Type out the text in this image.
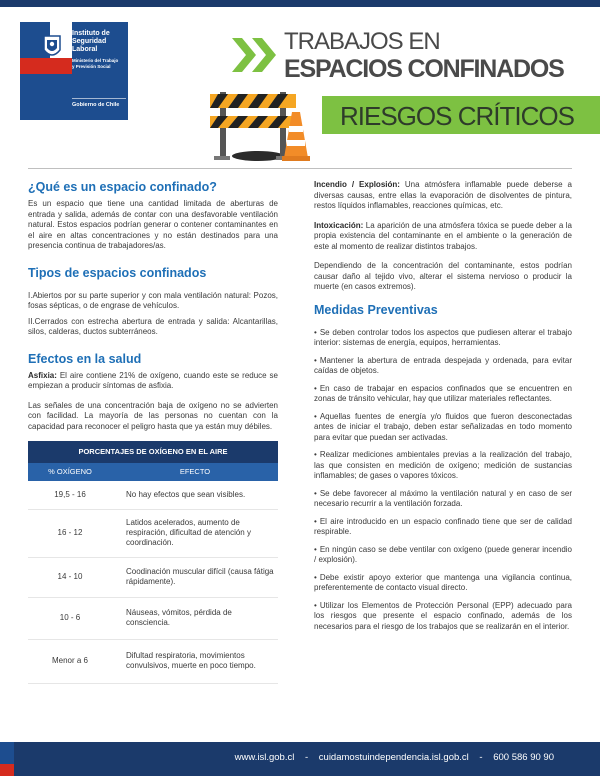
Instituto de
Seguridad
Laboral
Ministerio del Trabajo
y Previsión Social
Gobierno de Chile
TRABAJOS EN
ESPACIOS CONFINADOS
RIESGOS CRÍTICOS
¿Qué es un espacio confinado?

Es un espacio que tiene una cantidad limitada de aberturas de entrada y salida, además de contar con una desfavorable ventilación natural. Estos espacios podrían generar o contener contaminantes en el aire en altas concentraciones y no están destinados para una presencia continua de trabajadores/as.

Tipos de espacios confinados

I.Abiertos por su parte superior y con mala ventilación natural: Pozos, fosas sépticas, o de engrase de vehículos.

II.Cerrados con estrecha abertura de entrada y salida: Alcantarillas, silos, calderas, ductos subterráneos.

Efectos en la salud

Asfixia: El aire contiene 21% de oxígeno, cuando este se reduce se empiezan a producir síntomas de asfixia.

Las señales de una concentración baja de oxígeno no se advierten con facilidad. La mayoría de las personas no cuentan con la capacidad para reconocer el peligro hasta que ya están muy débiles.

PORCENTAJES DE OXÍGENO EN EL AIRE	
% OXÍGENO	EFECTO
19,5 - 16	No hay efectos que sean visibles.
16 - 12	Latidos acelerados, aumento de respiración, dificultad de atención y coordinación.
14 - 10	Coodinación muscular difícil (causa fátiga rápidamente).
10 - 6	Náuseas, vómitos, pérdida de consciencia.
Menor a 6	Difultad respiratoria, movimientos convulsivos, muerte en poco tiempo.

Incendio / Explosión: Una atmósfera inflamable puede deberse a diversas causas, entre ellas la evaporación de disolventes de pintura, restos líquidos inflamables, reacciones químicas, etc.

Intoxicación: La aparición de una atmósfera tóxica se puede deber a la propia existencia del contaminante en el ambiente o la generación de este al momento de realizar distintos trabajos.

Dependiendo de la concentración del contaminante, estos podrían causar daño al tejido vivo, alterar el sistema nervioso o producir la muerte (en casos extremos).

Medidas Preventivas
• Se deben controlar todos los aspectos que pudiesen alterar el trabajo interior: sistemas de energía, equipos, herramientas.
• Mantener la abertura de entrada despejada y ordenada, para evitar caídas de objetos.
• En caso de trabajar en espacios confinados que se encuentren en zonas de tránsito vehicular, hay que utilizar materiales reflectantes.
• Aquellas fuentes de energía y/o fluidos que fueron desconectadas antes de iniciar el trabajo, deben estar señalizadas en todo momento para evitar que puedan ser activadas.
• Realizar mediciones ambientales previas a la realización del trabajo, las que consisten en medición de oxígeno; medición de sustancias inflamables; de gases o vapores tóxicos.
• Se debe favorecer al máximo la ventilación natural y en caso de ser necesario recurrir a la ventilación forzada.
• El aire introducido en un espacio confinado tiene que ser de calidad respirable.
• En ningún caso se debe ventilar con oxígeno (puede generar incendio / explosión).
• Debe existir apoyo exterior que mantenga una vigilancia continua, preferentemente de contacto visual directo.
• Utilizar los Elementos de Protección Personal (EPP) adecuado para los riesgos que presente el espacio confinado, además de los necesarios para el riesgo de los trabajos que se realizarán en el interior.
www.isl.gob.cl - cuidamostuindependencia.isl.gob.cl - 600 586 90 90
